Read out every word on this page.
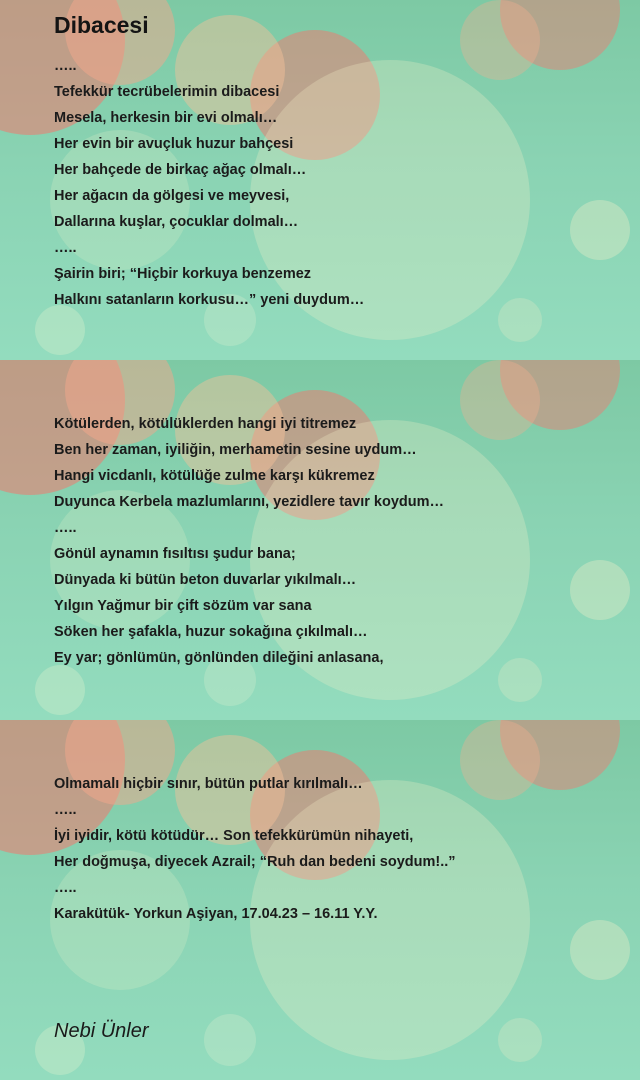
Dibacesi
…..
Tefekkür tecrübelerimin dibacesi
Mesela, herkesin bir evi olmalı…
Her evin bir avuçluk huzur bahçesi
Her bahçede de birkaç ağaç olmalı…
Her ağacın da gölgesi ve meyvesi,
Dallarına kuşlar, çocuklar dolmalı…
…..
Şairin biri; “Hiçbir korkuya benzemez
Halkını satanların korkusu…” yeni duydum…
Kötülerden, kötülüklerden hangi iyi titremez
Ben her zaman, iyiliğin, merhametin sesine uydum…
Hangi vicdanlı, kötülüğe zulme karşı kükremez
Duyunca Kerbela mazlumlarını, yezidlere tavır koydum…
…..
Gönül aynamın fısıltısı şudur bana;
Dünyada ki bütün beton duvarlar yıkılmalı…
Yılgın Yağmur bir çift sözüm var sana
Söken her şafakla, huzur sokağına çıkılmalı…
Ey yar; gönlümün, gönlünden dileğini anlasana,
Olmamalı hiçbir sınır, bütün putlar kırılmalı…
…..
İyi iyidir, kötü kötüdür… Son tefekkürümün nihayeti,
Her doğmuşa, diyecek Azrail; “Ruh dan bedeni soydum!..”
…..
Karakütük- Yorkun Aşiyan, 17.04.23 – 16.11 Y.Y.
Nebi Ünler
